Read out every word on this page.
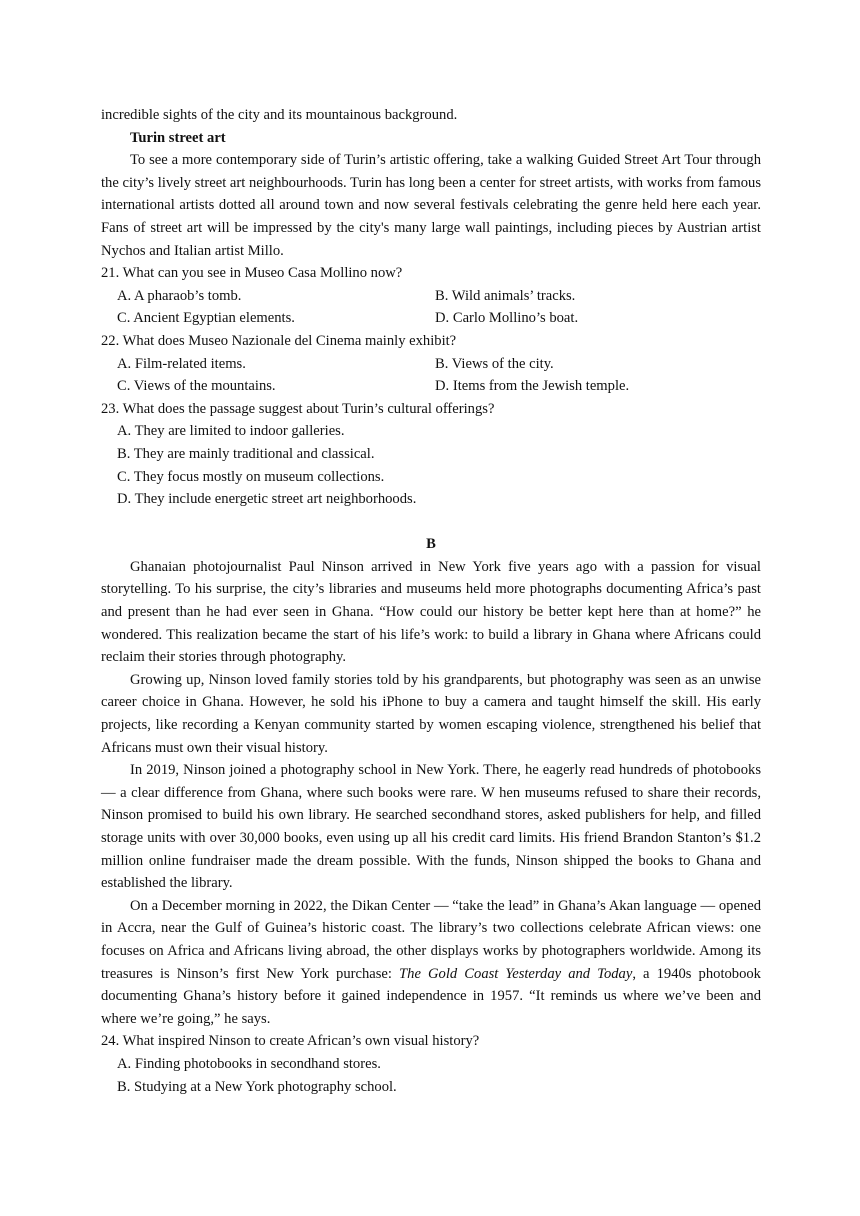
incredible sights of the city and its mountainous background.
Turin street art

To see a more contemporary side of Turin’s artistic offering, take a walking Guided Street Art Tour through the city’s lively street art neighbourhoods. Turin has long been a center for street artists, with works from famous international artists dotted all around town and now several festivals celebrating the genre held here each year. Fans of street art will be impressed by the city's many large wall paintings, including pieces by Austrian artist Nychos and Italian artist Millo.

21. What can you see in Museo Casa Mollino now?
A. A pharaob’s tomb.	B. Wild animals’ tracks.
C. Ancient Egyptian elements.	D. Carlo Mollino’s boat.
22. What does Museo Nazionale del Cinema mainly exhibit?
A. Film-related items.	B. Views of the city.
C. Views of the mountains.	D. Items from the Jewish temple.
23. What does the passage suggest about Turin’s cultural offerings?
A. They are limited to indoor galleries.
B. They are mainly traditional and classical.
C. They focus mostly on museum collections.
D. They include energetic street art neighborhoods.
B

Ghanaian photojournalist Paul Ninson arrived in New York five years ago with a passion for visual storytelling. To his surprise, the city’s libraries and museums held more photographs documenting Africa’s past and present than he had ever seen in Ghana. “How could our history be better kept here than at home?” he wondered. This realization became the start of his life’s work: to build a library in Ghana where Africans could reclaim their stories through photography.

Growing up, Ninson loved family stories told by his grandparents, but photography was seen as an unwise career choice in Ghana. However, he sold his iPhone to buy a camera and taught himself the skill. His early projects, like recording a Kenyan community started by women escaping violence, strengthened his belief that Africans must own their visual history.

In 2019, Ninson joined a photography school in New York. There, he eagerly read hundreds of photobooks — a clear difference from Ghana, where such books were rare. W hen museums refused to share their records, Ninson promised to build his own library. He searched secondhand stores, asked publishers for help, and filled storage units with over 30,000 books, even using up all his credit card limits. His friend Brandon Stanton’s $1.2 million online fundraiser made the dream possible. With the funds, Ninson shipped the books to Ghana and established the library.

On a December morning in 2022, the Dikan Center — “take the lead” in Ghana’s Akan language — opened in Accra, near the Gulf of Guinea’s historic coast. The library’s two collections celebrate African views: one focuses on Africa and Africans living abroad, the other displays works by photographers worldwide. Among its treasures is Ninson’s first New York purchase: The Gold Coast Yesterday and Today, a 1940s photobook documenting Ghana’s history before it gained independence in 1957. “It reminds us where we’ve been and where we’re going,” he says.

24. What inspired Ninson to create African’s own visual history?
A. Finding photobooks in secondhand stores.
B. Studying at a New York photography school.
